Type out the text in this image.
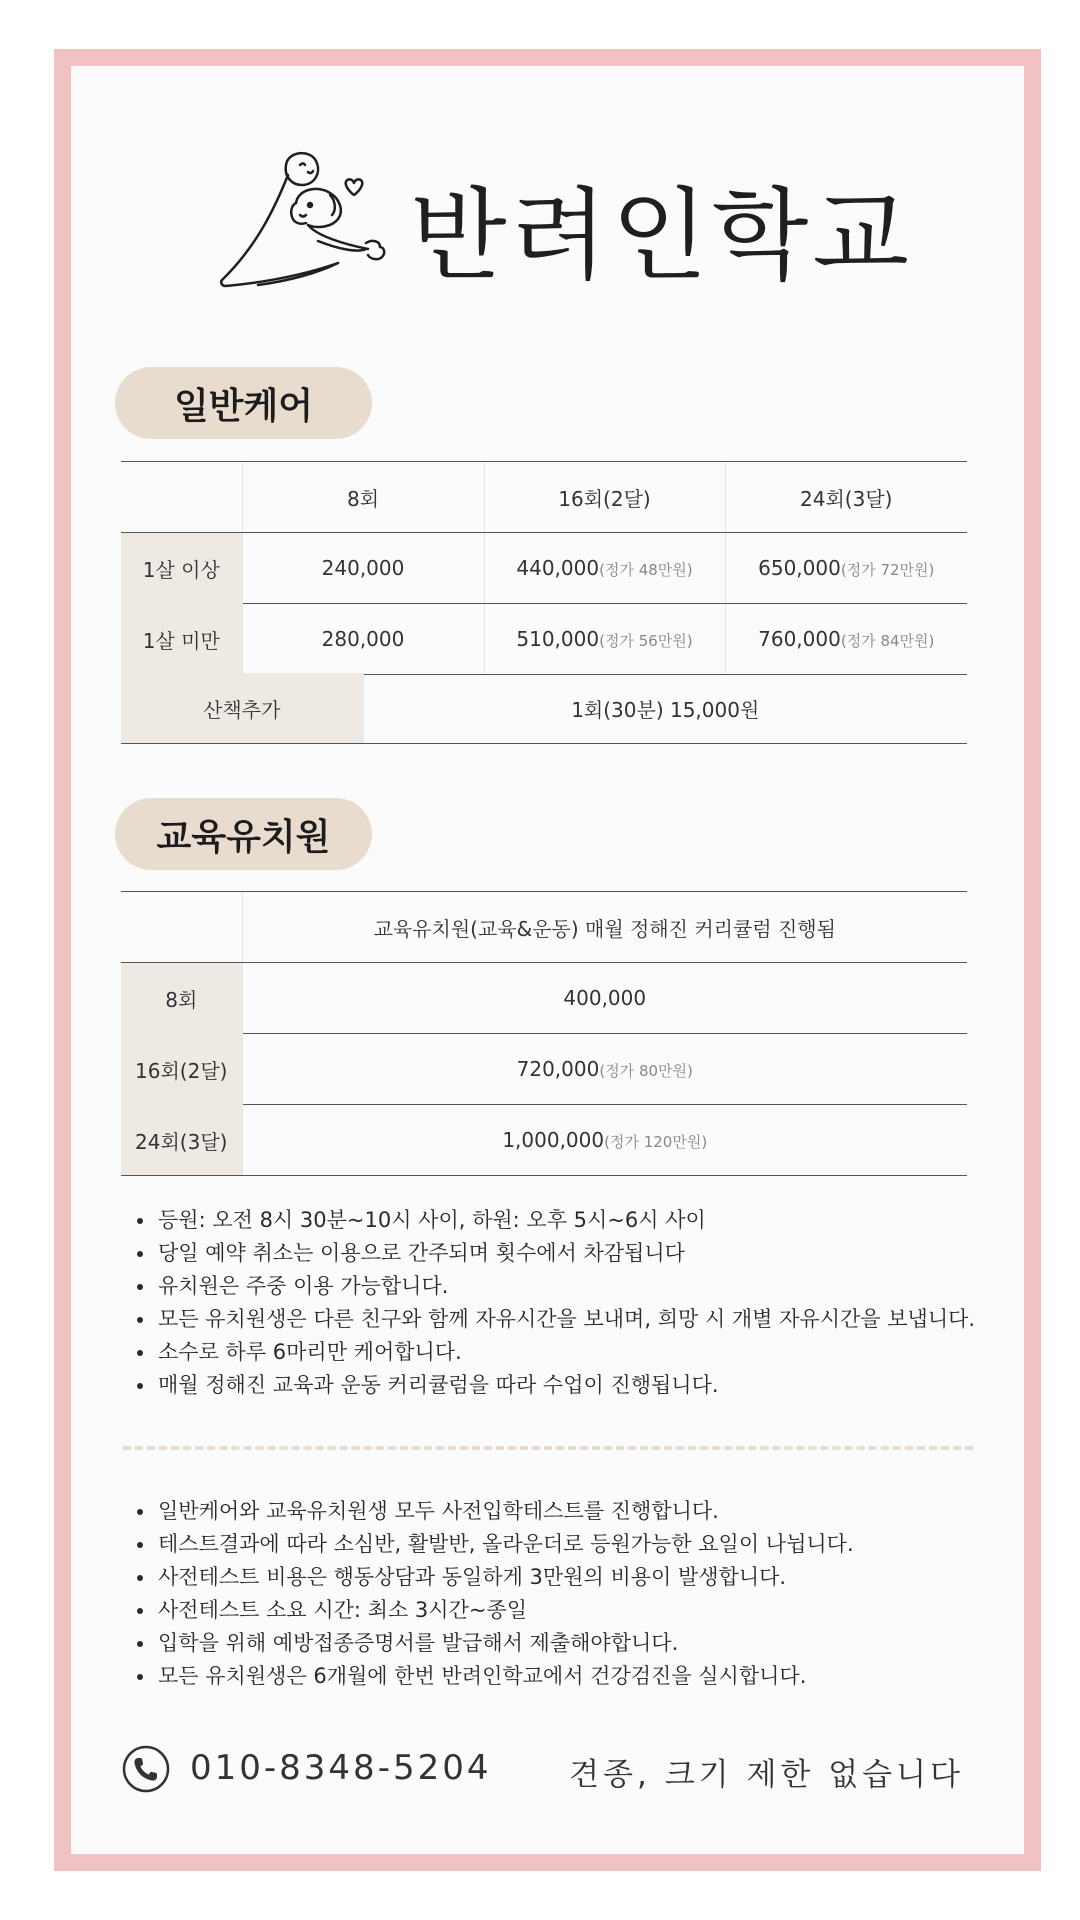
반려인학교
일반케어
	8회	16회(2달)	24회(3달)
1살 이상	240,000	440,000(정가 48만원)	650,000(정가 72만원)
1살 미만	280,000	510,000(정가 56만원)	760,000(정가 84만원)
산책추가	1회(30분) 15,000원
교육유치원
	교육유치원(교육&운동) 매월 정해진 커리큘럼 진행됨
8회	400,000
16회(2달)	720,000(정가 80만원)
24회(3달)	1,000,000(정가 120만원)
• 등원: 오전 8시 30분~10시 사이, 하원: 오후 5시~6시 사이
• 당일 예약 취소는 이용으로 간주되며 횟수에서 차감됩니다
• 유치원은 주중 이용 가능합니다.
• 모든 유치원생은 다른 친구와 함께 자유시간을 보내며, 희망 시 개별 자유시간을 보냅니다.
• 소수로 하루 6마리만 케어합니다.
• 매월 정해진 교육과 운동 커리큘럼을 따라 수업이 진행됩니다.
• 일반케어와 교육유치원생 모두 사전입학테스트를 진행합니다.
• 테스트결과에 따라 소심반, 활발반, 올라운더로 등원가능한 요일이 나뉩니다.
• 사전테스트 비용은 행동상담과 동일하게 3만원의 비용이 발생합니다.
• 사전테스트 소요 시간: 최소 3시간~종일
• 입학을 위해 예방접종증명서를 발급해서 제출해야합니다.
• 모든 유치원생은 6개월에 한번 반려인학교에서 건강검진을 실시합니다.
010-8348-5204	견종, 크기 제한 없습니다
